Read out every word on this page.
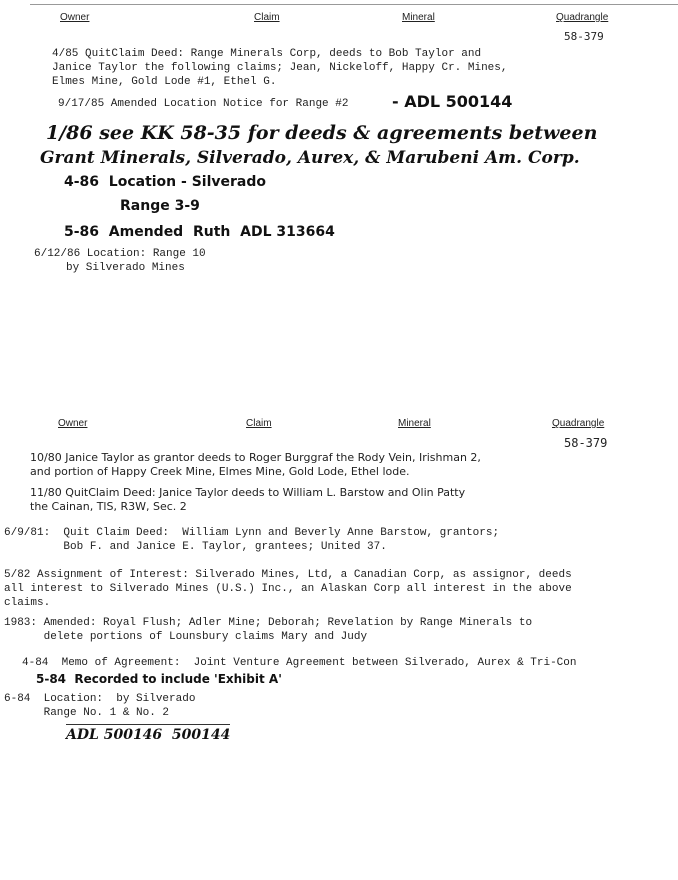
Owner	Claim	Mineral	Quadrangle
58-379
4/85 QuitClaim Deed: Range Minerals Corp, deeds to Bob Taylor and
Janice Taylor the following claims; Jean, Nickeloff, Happy Cr. Mines,
Elmes Mine, Gold Lode #1, Ethel G.
9/17/85 Amended Location Notice for Range #2	- ADL 500144
1/86 see KK 58-35 for deeds & agreements between
Grant Minerals, Silverado, Aurex, & Marubeni Am. Corp.
4-86  Location - Silverado
Range 3-9
5-86  Amended  Ruth  ADL 313664
6/12/86 Location: Range 10
by Silverado Mines
Owner	Claim	Mineral	Quadrangle
58-379
10/80 Janice Taylor as grantor deeds to Roger Burggraf the Rody Vein, Irishman 2,
and portion of Happy Creek Mine, Elmes Mine, Gold Lode, Ethel lode.
11/80 QuitClaim Deed: Janice Taylor deeds to William L. Barstow and Olin Patty
the Cainan, TlS, R3W, Sec. 2
6/9/81:  Quit Claim Deed:  William Lynn and Beverly Anne Barstow, grantors;
Bob F. and Janice E. Taylor, grantees; United 37.
5/82 Assignment of Interest: Silverado Mines, Ltd, a Canadian Corp, as assignor, deeds
all interest to Silverado Mines (U.S.) Inc., an Alaskan Corp all interest in the above
claims.
1983: Amended: Royal Flush; Adler Mine; Deborah; Revelation by Range Minerals to
delete portions of Lounsbury claims Mary and Judy
4-84  Memo of Agreement:  Joint Venture Agreement between Silverado, Aurex & Tri-Con
5-84  Recorded to include 'Exhibit A'
6-84  Location:  by Silverado
Range No. 1 & No. 2
ADL 500146  500144
